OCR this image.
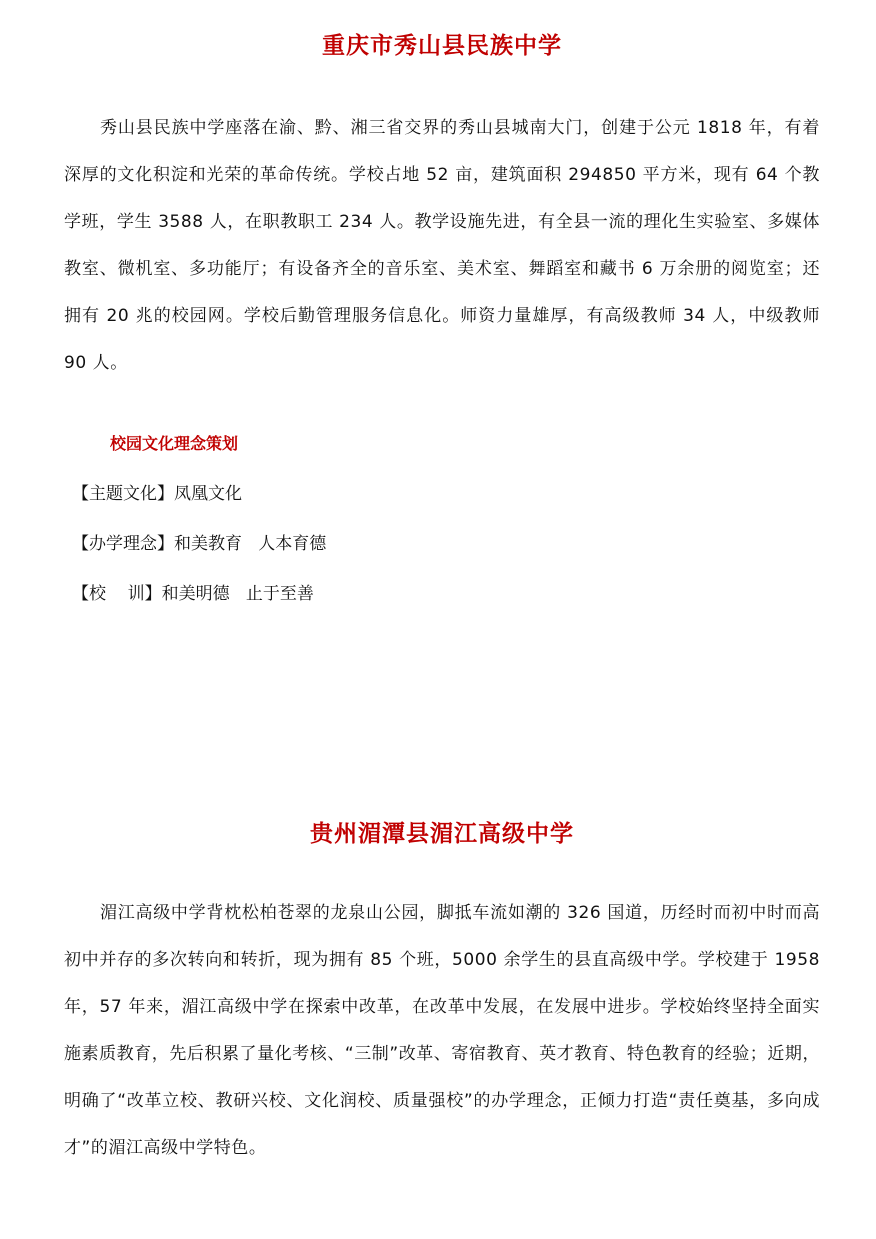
重庆市秀山县民族中学

秀山县民族中学座落在渝、黔、湘三省交界的秀山县城南大门，创建于公元 1818 年，有着深厚的文化积淀和光荣的革命传统。学校占地 52 亩，建筑面积 294850 平方米，现有 64 个教学班，学生 3588 人，在职教职工 234 人。教学设施先进，有全县一流的理化生实验室、多媒体教室、微机室、多功能厅；有设备齐全的音乐室、美术室、舞蹈室和藏书 6 万余册的阅览室；还拥有 20 兆的校园网。学校后勤管理服务信息化。师资力量雄厚，有高级教师 34 人，中级教师 90 人。

校园文化理念策划
【主题文化】凤凰文化
【办学理念】和美教育   人本育德
【校    训】和美明德   止于至善
贵州湄潭县湄江高级中学

湄江高级中学背枕松柏苍翠的龙泉山公园，脚抵车流如潮的 326 国道，历经时而初中时而高初中并存的多次转向和转折，现为拥有 85 个班，5000 余学生的县直高级中学。学校建于 1958 年，57 年来，湄江高级中学在探索中改革，在改革中发展，在发展中进步。学校始终坚持全面实施素质教育，先后积累了量化考核、“三制”改革、寄宿教育、英才教育、特色教育的经验；近期，明确了“改革立校、教研兴校、文化润校、质量强校”的办学理念，正倾力打造“责任奠基，多向成才”的湄江高级中学特色。
